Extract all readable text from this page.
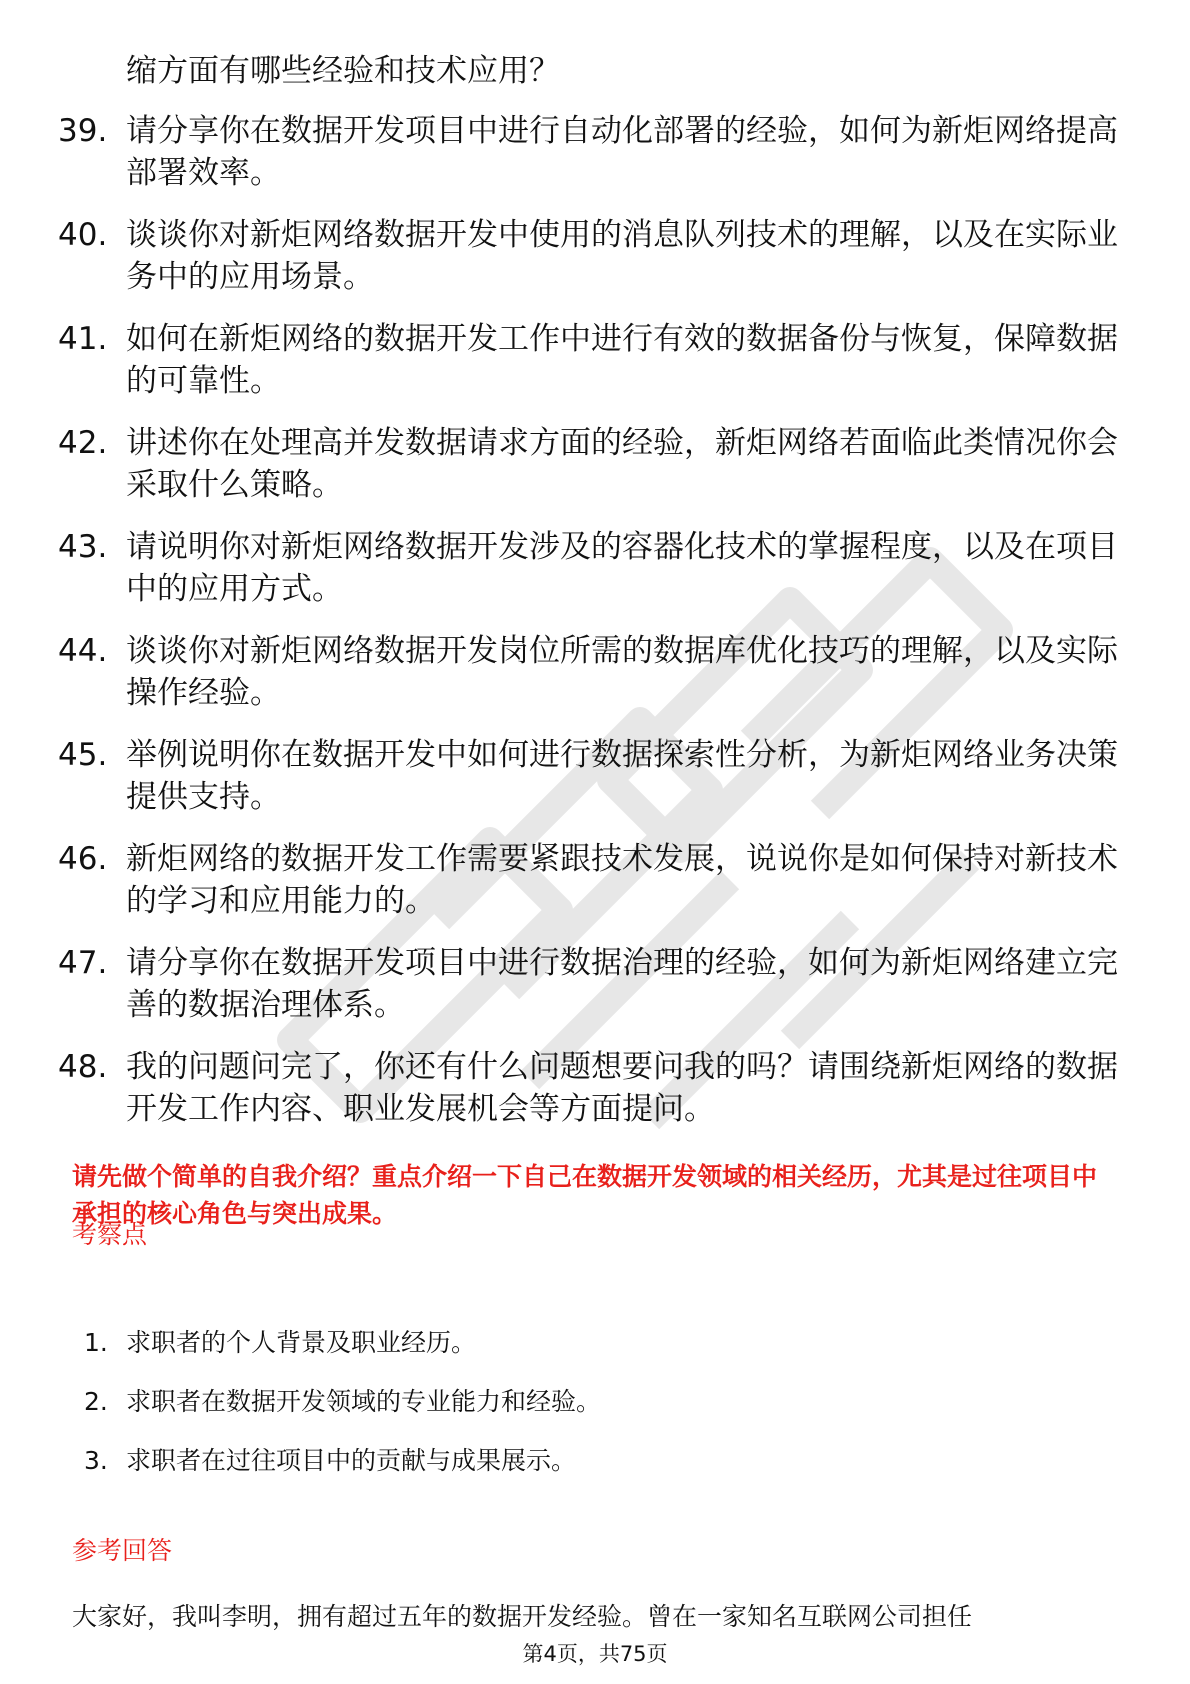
缩方面有哪些经验和技术应用？

39. 请分享你在数据开发项目中进行自动化部署的经验，如何为新炬网络提高部署效率。
40. 谈谈你对新炬网络数据开发中使用的消息队列技术的理解，以及在实际业务中的应用场景。
41. 如何在新炬网络的数据开发工作中进行有效的数据备份与恢复，保障数据的可靠性。
42. 讲述你在处理高并发数据请求方面的经验，新炬网络若面临此类情况你会采取什么策略。
43. 请说明你对新炬网络数据开发涉及的容器化技术的掌握程度，以及在项目中的应用方式。
44. 谈谈你对新炬网络数据开发岗位所需的数据库优化技巧的理解，以及实际操作经验。
45. 举例说明你在数据开发中如何进行数据探索性分析，为新炬网络业务决策提供支持。
46. 新炬网络的数据开发工作需要紧跟技术发展，说说你是如何保持对新技术的学习和应用能力的。
47. 请分享你在数据开发项目中进行数据治理的经验，如何为新炬网络建立完善的数据治理体系。
48. 我的问题问完了，你还有什么问题想要问我的吗？请围绕新炬网络的数据开发工作内容、职业发展机会等方面提问。

请先做个简单的自我介绍？重点介绍一下自己在数据开发领域的相关经历，尤其是过往项目中承担的核心角色与突出成果。

考察点
1. 求职者的个人背景及职业经历。
2. 求职者在数据开发领域的专业能力和经验。
3. 求职者在过往项目中的贡献与成果展示。
参考回答

大家好，我叫李明，拥有超过五年的数据开发经验。曾在一家知名互联网公司担任

第4页，共75页
